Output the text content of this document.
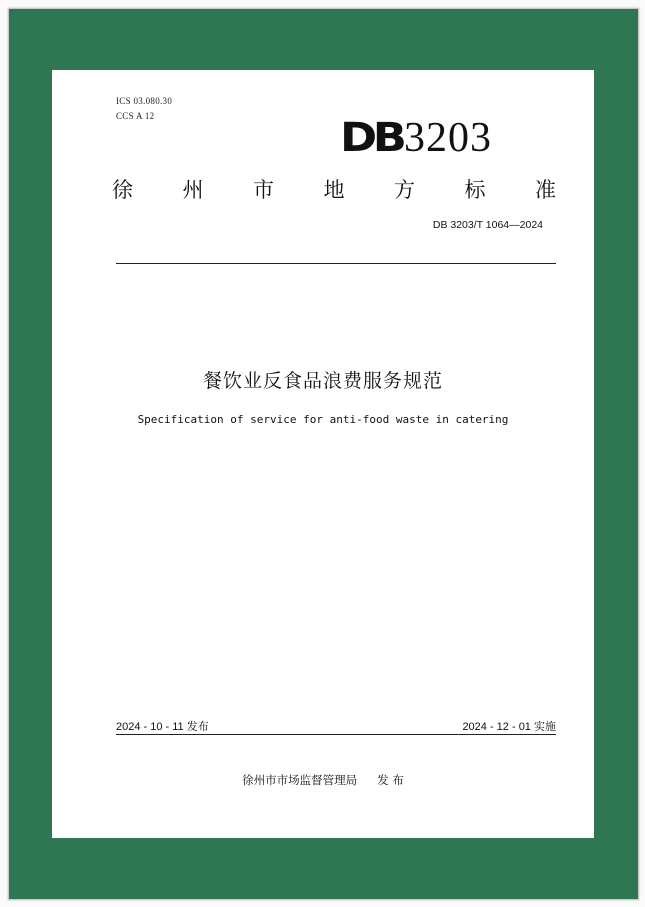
ICS 03.080.30
CCS A 12	DB 3203
徐 州 市 地 方 标 准
DB 3203/T 1064—2024
餐饮业反食品浪费服务规范
Specification of service for anti-food waste in catering
2024 - 10 - 11 发布	2024 - 12 - 01 实施
徐州市市场监督管理局 发 布
